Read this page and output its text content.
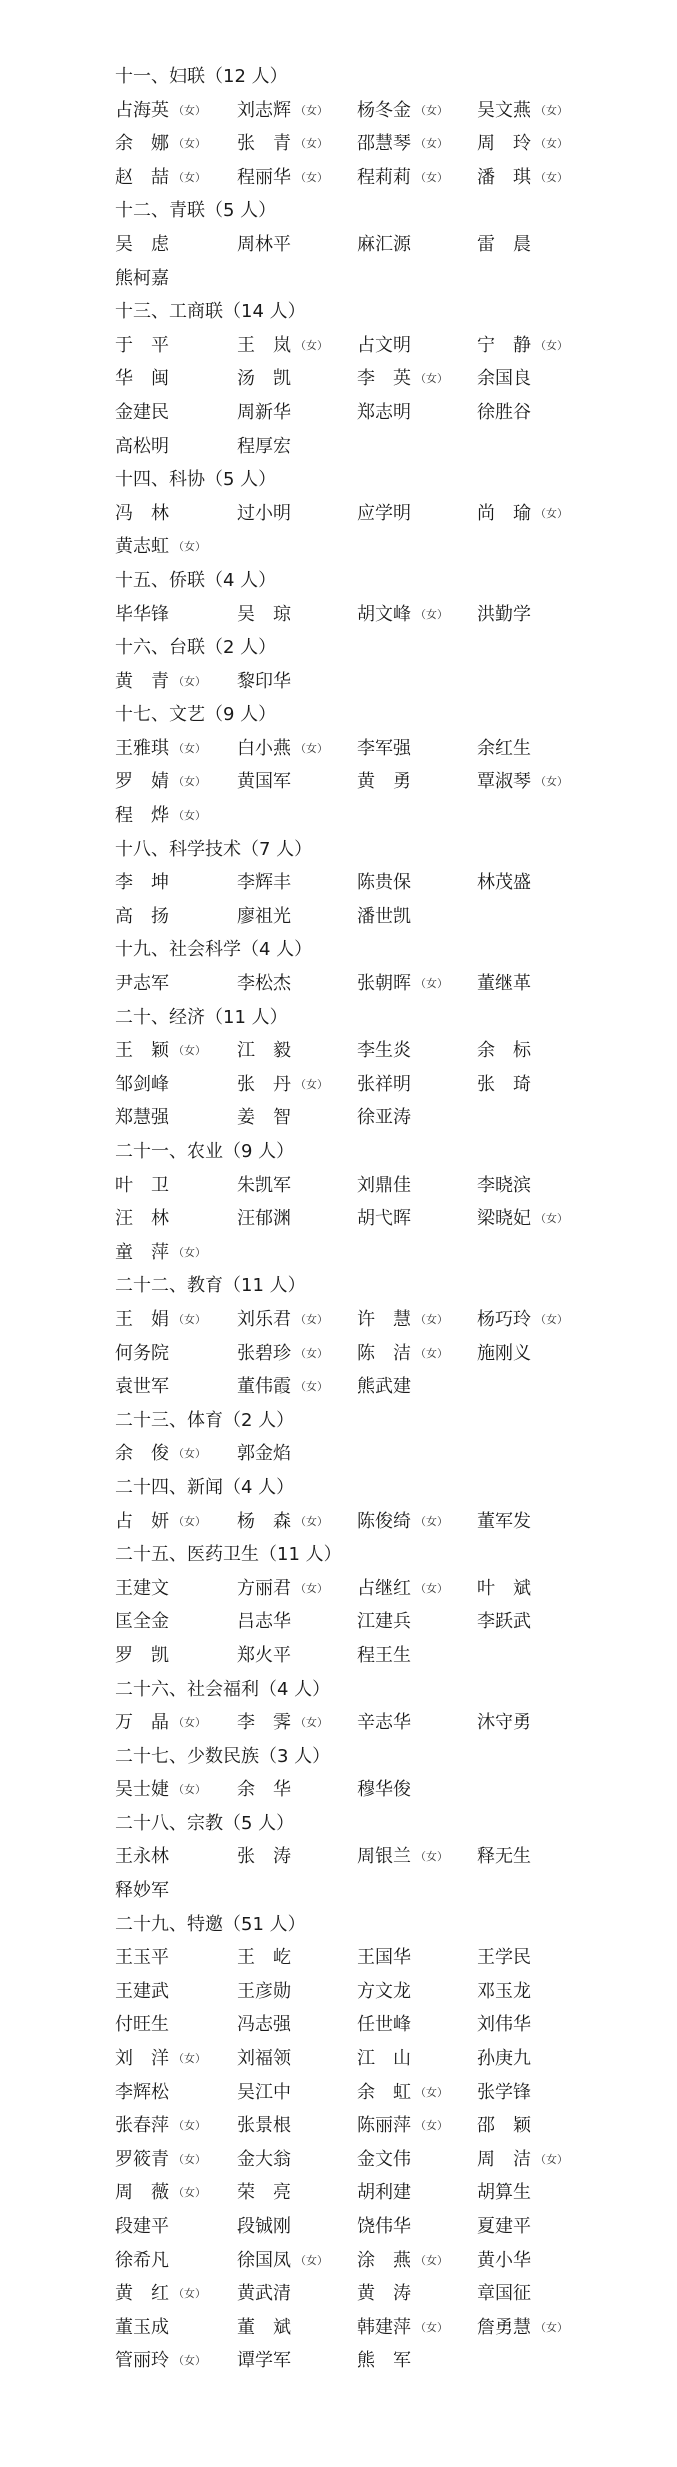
十一、妇联（12 人）
占海英 （女） 刘志辉 （女） 杨冬金 （女） 吴文燕 （女）
余　娜 （女） 张　青 （女） 邵慧琴 （女） 周　玲 （女）
赵　喆 （女） 程丽华 （女） 程莉莉 （女） 潘　琪 （女）
十二、青联（5 人）
吴　虑	周林平	麻汇源	雷　晨
熊柯嘉
十三、工商联（14 人）
于　平	王　岚 （女） 占文明	宁　静 （女）
华　闽	汤　凯	李　英 （女） 余国良
金建民	周新华	郑志明	徐胜谷
高松明	程厚宏
十四、科协（5 人）
冯　林	过小明	应学明	尚　瑜 （女）
黄志虹 （女）
十五、侨联（4 人）
毕华锋	吴　琼	胡文峰 （女） 洪勤学
十六、台联（2 人）
黄　青 （女） 黎印华
十七、文艺（9 人）
王雅琪 （女） 白小燕 （女） 李军强	余红生
罗　婧 （女） 黄国军	黄　勇	覃淑琴 （女）
程　烨 （女）
十八、科学技术（7 人）
李　坤	李辉丰	陈贵保	林茂盛
高　扬	廖祖光	潘世凯
十九、社会科学（4 人）
尹志军	李松杰	张朝晖 （女） 董继革
二十、经济（11 人）
王　颖 （女） 江　毅	李生炎	余　标
邹剑峰	张　丹 （女） 张祥明	张　琦
郑慧强	姜　智	徐亚涛
二十一、农业（9 人）
叶　卫	朱凯军	刘鼎佳	李晓滨
汪　林	汪郁渊	胡弋晖	梁晓妃 （女）
童　萍 （女）
二十二、教育（11 人）
王　娟 （女） 刘乐君 （女） 许　慧 （女） 杨巧玲 （女）
何务院	张碧珍 （女） 陈　洁 （女） 施刚义
袁世军	董伟霞 （女） 熊武建
二十三、体育（2 人）
余　俊 （女） 郭金焰
二十四、新闻（4 人）
占　妍 （女） 杨　森 （女） 陈俊绮 （女） 董军发
二十五、医药卫生（11 人）
王建文	方丽君 （女） 占继红 （女） 叶　斌
匡全金	吕志华	江建兵	李跃武
罗　凯	郑火平	程王生
二十六、社会福利（4 人）
万　晶 （女） 李　霁 （女） 辛志华	沐守勇
二十七、少数民族（3 人）
吴士婕 （女） 余　华	穆华俊
二十八、宗教（5 人）
王永林	张　涛	周银兰 （女） 释无生
释妙军
二十九、特邀（51 人）
王玉平	王　屹	王国华	王学民
王建武	王彦勋	方文龙	邓玉龙
付旺生	冯志强	任世峰	刘伟华
刘　洋 （女） 刘福领	江　山	孙庚九
李辉松	吴江中	余　虹 （女） 张学锋
张春萍 （女） 张景根	陈丽萍 （女） 邵　颖
罗筱青 （女） 金大翁	金文伟	周　洁 （女）
周　薇 （女） 荣　亮	胡利建	胡算生
段建平	段铖刚	饶伟华	夏建平
徐希凡	徐国凤 （女） 涂　燕 （女） 黄小华
黄　红 （女） 黄武清	黄　涛	章国征
董玉成	董　斌	韩建萍 （女） 詹勇慧 （女）
管丽玲 （女） 谭学军	熊　军
